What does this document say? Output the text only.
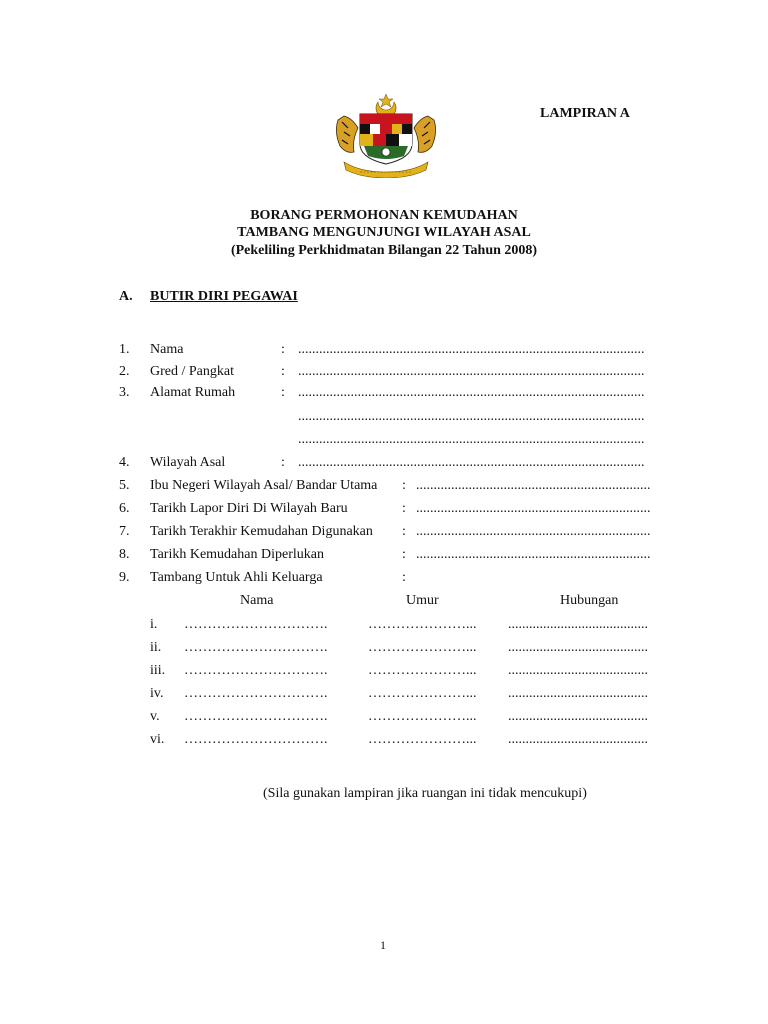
LAMPIRAN A
BORANG PERMOHONAN KEMUDAHAN
TAMBANG MENGUNJUNGI WILAYAH ASAL
(Pekeliling Perkhidmatan Bilangan 22 Tahun 2008)
A. BUTIR DIRI PEGAWAI
1. Nama	: ...................................................................................................
2. Gred / Pangkat	: ...................................................................................................
3. Alamat Rumah	: ...................................................................................................
...................................................................................................
...................................................................................................
4. Wilayah Asal	: ...................................................................................................
5. Ibu Negeri Wilayah Asal/ Bandar Utama : ...................................................................
6. Tarikh Lapor Diri Di Wilayah Baru	: ...................................................................
7. Tarikh Terakhir Kemudahan Digunakan : ...................................................................
8. Tarikh Kemudahan Diperlukan	: ...................................................................
9. Tambang Untuk Ahli Keluarga	:
Nama	Umur	Hubungan
i. ………………………….	…………………... ........................................
ii. ………………………….	…………………... ........................................
iii. ………………………….	…………………... ........................................
iv. ………………………….	…………………... ........................................
v. ………………………….	…………………... ........................................
vi. ………………………….	…………………... ........................................
(Sila gunakan lampiran jika ruangan ini tidak mencukupi)
1
